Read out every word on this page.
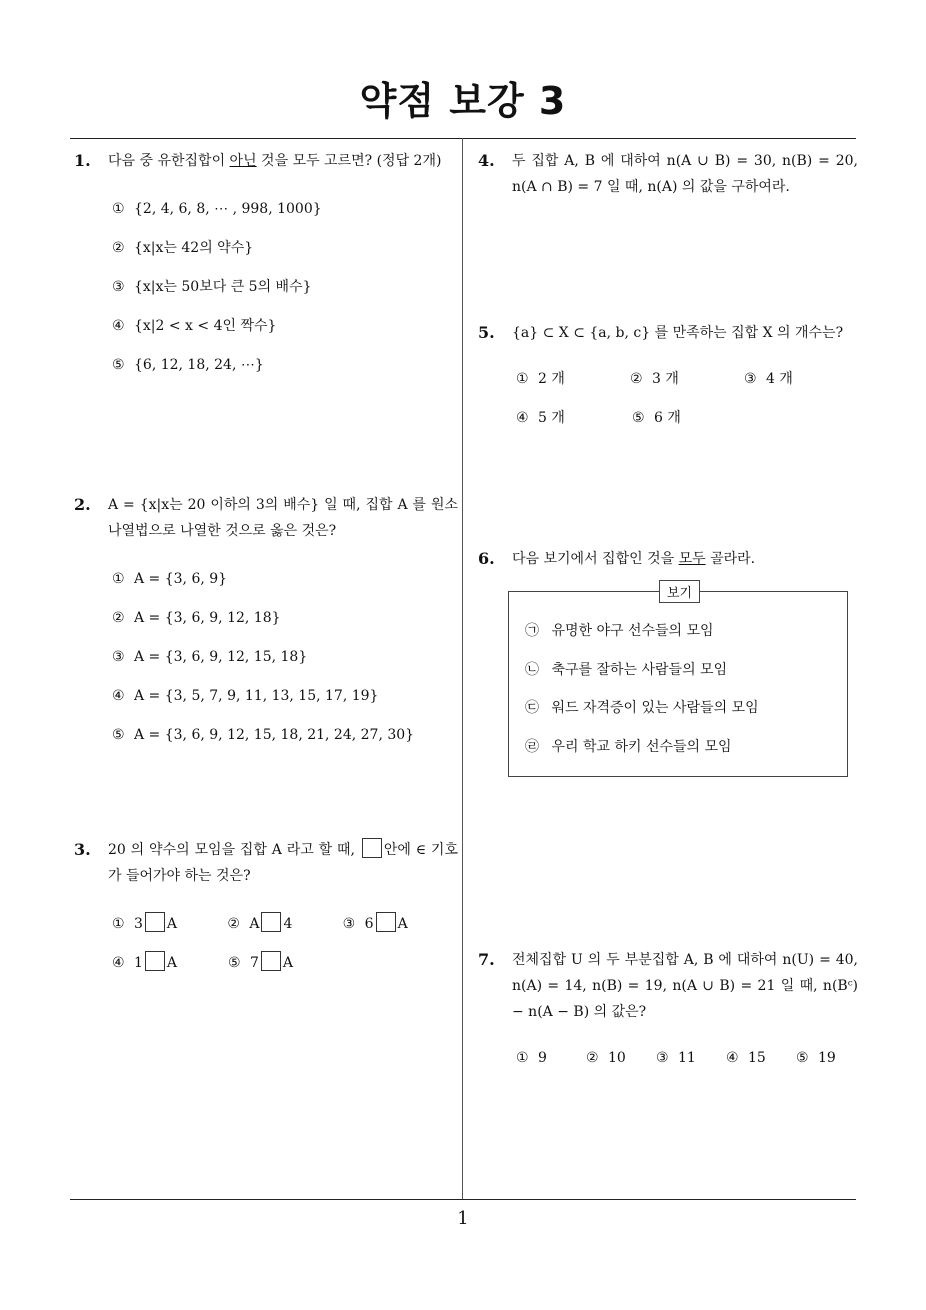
약점 보강 3
1
1. 다음 중 유한집합이 아닌 것을 모두 고르면? (정답 2개)
① {2, 4, 6, 8, ⋯ , 998, 1000}
② {x|x는 42의 약수}
③ {x|x는 50보다 큰 5의 배수}
④ {x|2 < x < 4인 짝수}
⑤ {6, 12, 18, 24, ⋯}
2. A = {x|x는 20 이하의 3의 배수} 일 때, 집합 A 를 원소나열법으로 나열한 것으로 옳은 것은?
① A = {3, 6, 9}
② A = {3, 6, 9, 12, 18}
③ A = {3, 6, 9, 12, 15, 18}
④ A = {3, 5, 7, 9, 11, 13, 15, 17, 19}
⑤ A = {3, 6, 9, 12, 15, 18, 21, 24, 27, 30}
3. 20 의 약수의 모임을 집합 A 라고 할 때, 안에 ∈ 기호가 들어가야 하는 것은?
① 3 A	② A 4	③ 6 A
④ 1 A	⑤ 7 A
4. 두 집합 A, B 에 대하여 n(A ∪ B) = 30, n(B) = 20, n(A ∩ B) = 7 일 때, n(A) 의 값을 구하여라.
5. {a} ⊂ X ⊂ {a, b, c} 를 만족하는 집합 X 의 개수는?
① 2 개	② 3 개	③ 4 개
④ 5 개	⑤ 6 개
6. 다음 보기에서 집합인 것을 모두 골라라.
보기
㉠ 유명한 야구 선수들의 모임
㉡ 축구를 잘하는 사람들의 모임
㉢ 워드 자격증이 있는 사람들의 모임
㉣ 우리 학교 하키 선수들의 모임
7. 전체집합 U 의 두 부분집합 A, B 에 대하여 n(U) = 40, n(A) = 14, n(B) = 19, n(A ∪ B) = 21 일 때, n(Bᶜ) − n(A − B) 의 값은?
① 9	② 10	③ 11	④ 15	⑤ 19
